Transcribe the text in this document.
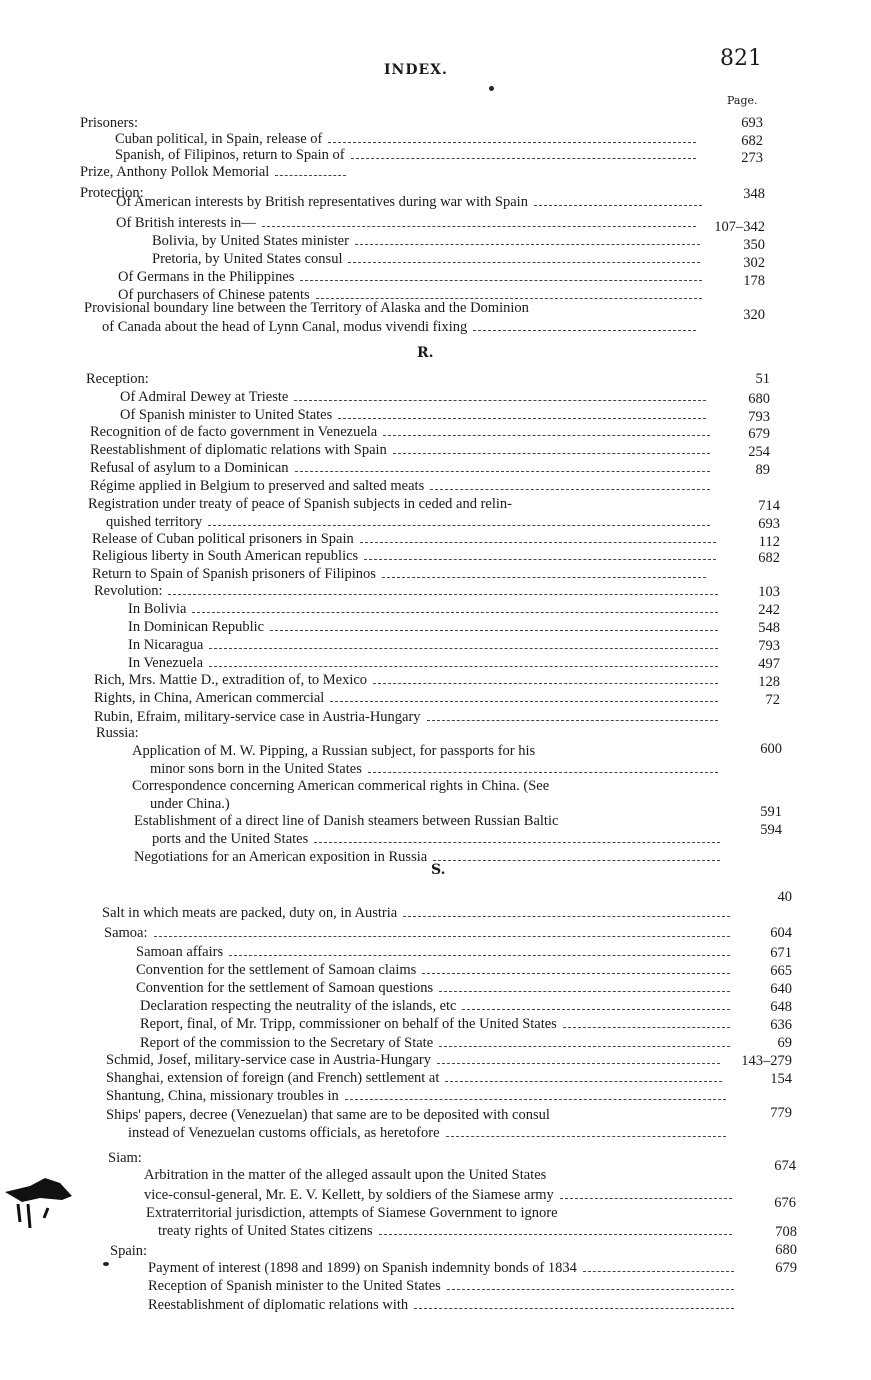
INDEX.	821
Page.
R.
S.
Prisoners:
Cuban political, in Spain, release of
Spanish, of Filipinos, return to Spain of
Prize, Anthony Pollok Memorial
Protection:
Of American interests by British representatives during war with Spain
Of British interests in—
Bolivia, by United States minister
Pretoria, by United States consul
Of Germans in the Philippines
Of purchasers of Chinese patents
Provisional boundary line between the Territory of Alaska and the Dominion
of Canada about the head of Lynn Canal, modus vivendi fixing
Reception:
Of Admiral Dewey at Trieste
Of Spanish minister to United States
Recognition of de facto government in Venezuela
Reestablishment of diplomatic relations with Spain
Refusal of asylum to a Dominican
Régime applied in Belgium to preserved and salted meats
Registration under treaty of peace of Spanish subjects in ceded and relin-
quished territory
Release of Cuban political prisoners in Spain
Religious liberty in South American republics
Return to Spain of Spanish prisoners of Filipinos
Revolution:
In Bolivia
In Dominican Republic
In Nicaragua
In Venezuela
Rich, Mrs. Mattie D., extradition of, to Mexico
Rights, in China, American commercial
Rubin, Efraim, military-service case in Austria-Hungary
Russia:
Application of M. W. Pipping, a Russian subject, for passports for his
minor sons born in the United States
Correspondence concerning American commerical rights in China. (See
under China.)
Establishment of a direct line of Danish steamers between Russian Baltic
ports and the United States
Negotiations for an American exposition in Russia
Salt in which meats are packed, duty on, in Austria
Samoa:
Samoan affairs
Convention for the settlement of Samoan claims
Convention for the settlement of Samoan questions
Declaration respecting the neutrality of the islands, etc
Report, final, of Mr. Tripp, commissioner on behalf of the United States
Report of the commission to the Secretary of State
Schmid, Josef, military-service case in Austria-Hungary
Shanghai, extension of foreign (and French) settlement at
Shantung, China, missionary troubles in
Ships' papers, decree (Venezuelan) that same are to be deposited with consul
instead of Venezuelan customs officials, as heretofore
Siam:
Arbitration in the matter of the alleged assault upon the United States
vice-consul-general, Mr. E. V. Kellett, by soldiers of the Siamese army
Extraterritorial jurisdiction, attempts of Siamese Government to ignore
treaty rights of United States citizens
Spain:
Payment of interest (1898 and 1899) on Spanish indemnity bonds of 1834
Reception of Spanish minister to the United States
Reestablishment of diplomatic relations with
693
682
273
348
107–342
350
302
178
320
51
680
793
679
254
89
714
693
112
682
103
242
548
793
497
128
72
600
591
594
40
604
671
665
640
648
636
69
143–279
154
779
674
676
708
680
679
